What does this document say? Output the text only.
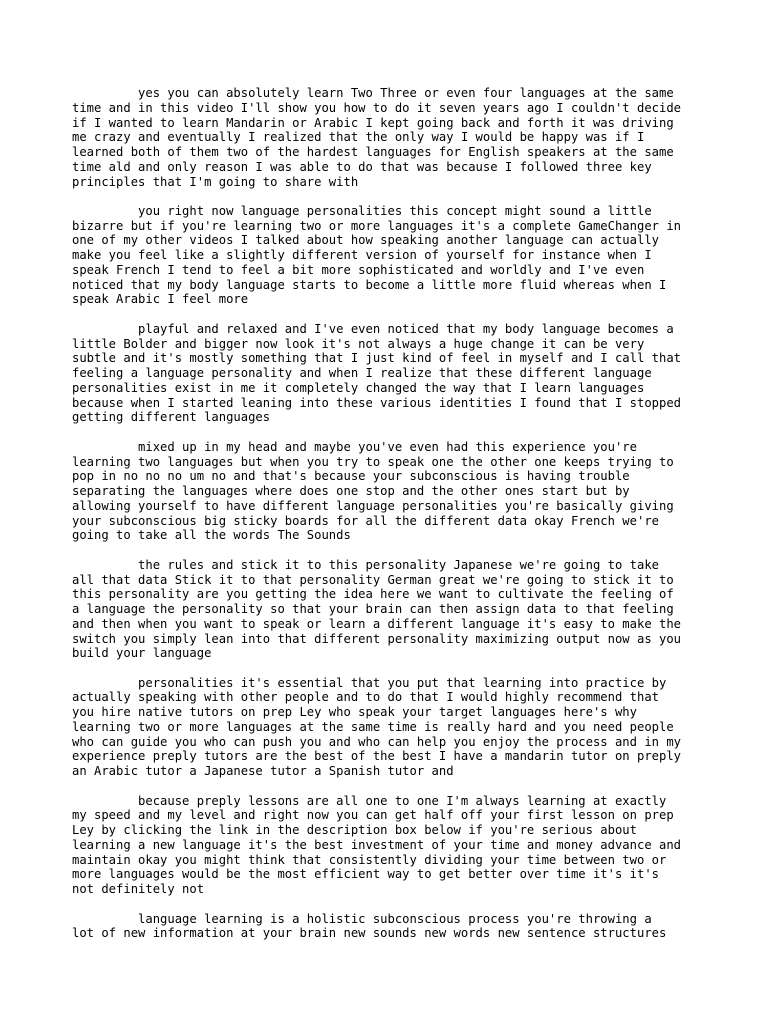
yes you can absolutely learn Two Three or even four languages at the same
time and in this video I'll show you how to do it seven years ago I couldn't decide
if I wanted to learn Mandarin or Arabic I kept going back and forth it was driving
me crazy and eventually I realized that the only way I would be happy was if I
learned both of them two of the hardest languages for English speakers at the same
time ald and only reason I was able to do that was because I followed three key
principles that I'm going to share with
you right now language personalities this concept might sound a little
bizarre but if you're learning two or more languages it's a complete GameChanger in
one of my other videos I talked about how speaking another language can actually
make you feel like a slightly different version of yourself for instance when I
speak French I tend to feel a bit more sophisticated and worldly and I've even
noticed that my body language starts to become a little more fluid whereas when I
speak Arabic I feel more
playful and relaxed and I've even noticed that my body language becomes a
little Bolder and bigger now look it's not always a huge change it can be very
subtle and it's mostly something that I just kind of feel in myself and I call that
feeling a language personality and when I realize that these different language
personalities exist in me it completely changed the way that I learn languages
because when I started leaning into these various identities I found that I stopped
getting different languages
mixed up in my head and maybe you've even had this experience you're
learning two languages but when you try to speak one the other one keeps trying to
pop in no no no um no and that's because your subconscious is having trouble
separating the languages where does one stop and the other ones start but by
allowing yourself to have different language personalities you're basically giving
your subconscious big sticky boards for all the different data okay French we're
going to take all the words The Sounds
the rules and stick it to this personality Japanese we're going to take
all that data Stick it to that personality German great we're going to stick it to
this personality are you getting the idea here we want to cultivate the feeling of
a language the personality so that your brain can then assign data to that feeling
and then when you want to speak or learn a different language it's easy to make the
switch you simply lean into that different personality maximizing output now as you
build your language
personalities it's essential that you put that learning into practice by
actually speaking with other people and to do that I would highly recommend that
you hire native tutors on prep Ley who speak your target languages here's why
learning two or more languages at the same time is really hard and you need people
who can guide you who can push you and who can help you enjoy the process and in my
experience preply tutors are the best of the best I have a mandarin tutor on preply
an Arabic tutor a Japanese tutor a Spanish tutor and
because preply lessons are all one to one I'm always learning at exactly
my speed and my level and right now you can get half off your first lesson on prep
Ley by clicking the link in the description box below if you're serious about
learning a new language it's the best investment of your time and money advance and
maintain okay you might think that consistently dividing your time between two or
more languages would be the most efficient way to get better over time it's it's
not definitely not
language learning is a holistic subconscious process you're throwing a
lot of new information at your brain new sounds new words new sentence structures
